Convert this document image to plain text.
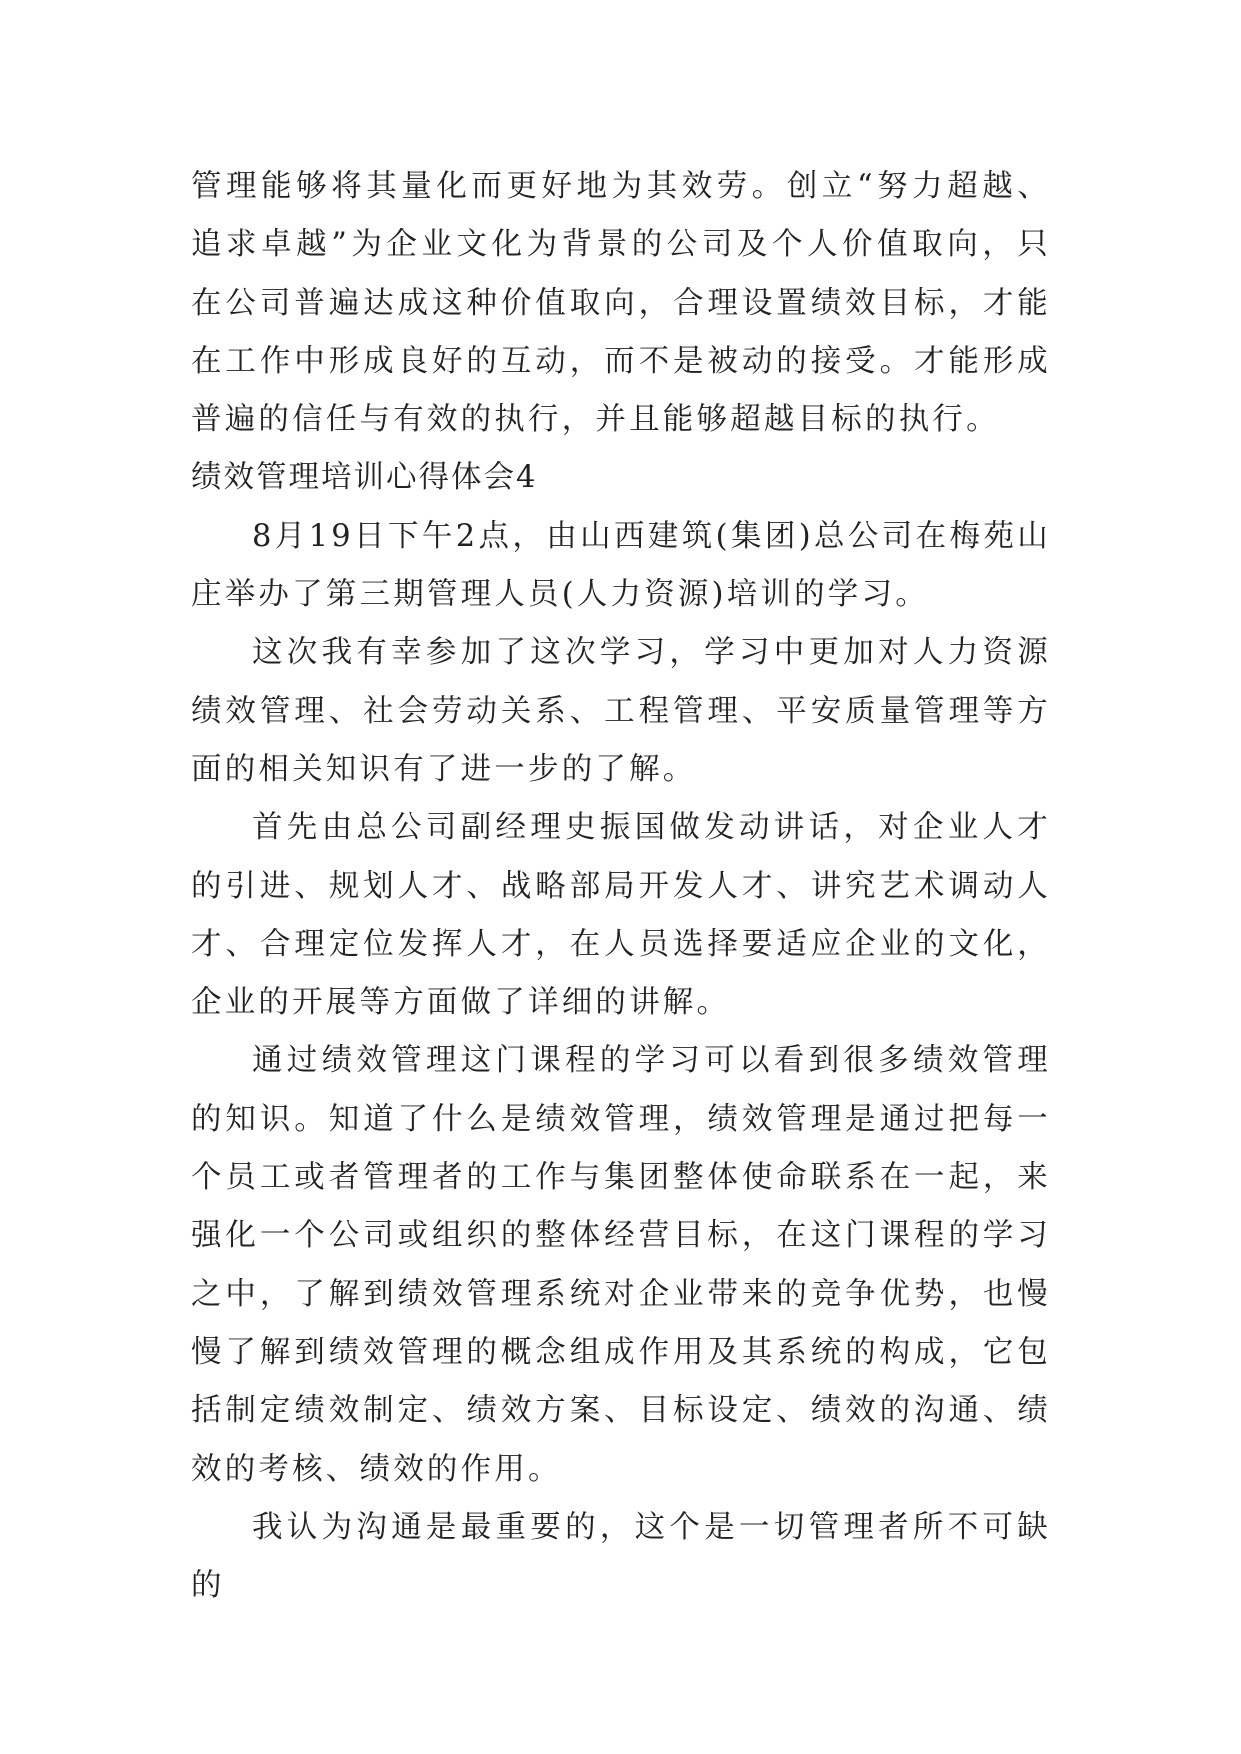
管理能够将其量化而更好地为其效劳。创立“努力超越、追求卓越”为企业文化为背景的公司及个人价值取向，只在公司普遍达成这种价值取向，合理设置绩效目标，才能在工作中形成良好的互动，而不是被动的接受。才能形成普遍的信任与有效的执行，并且能够超越目标的执行。

绩效管理培训心得体会4

8月19日下午2点，由山西建筑(集团)总公司在梅苑山庄举办了第三期管理人员(人力资源)培训的学习。

这次我有幸参加了这次学习，学习中更加对人力资源绩效管理、社会劳动关系、工程管理、平安质量管理等方面的相关知识有了进一步的了解。

首先由总公司副经理史振国做发动讲话，对企业人才的引进、规划人才、战略部局开发人才、讲究艺术调动人才、合理定位发挥人才，在人员选择要适应企业的文化，企业的开展等方面做了详细的讲解。

通过绩效管理这门课程的学习可以看到很多绩效管理的知识。知道了什么是绩效管理，绩效管理是通过把每一个员工或者管理者的工作与集团整体使命联系在一起，来强化一个公司或组织的整体经营目标，在这门课程的学习之中，了解到绩效管理系统对企业带来的竞争优势，也慢慢了解到绩效管理的概念组成作用及其系统的构成，它包括制定绩效制定、绩效方案、目标设定、绩效的沟通、绩效的考核、绩效的作用。

我认为沟通是最重要的，这个是一切管理者所不可缺的
